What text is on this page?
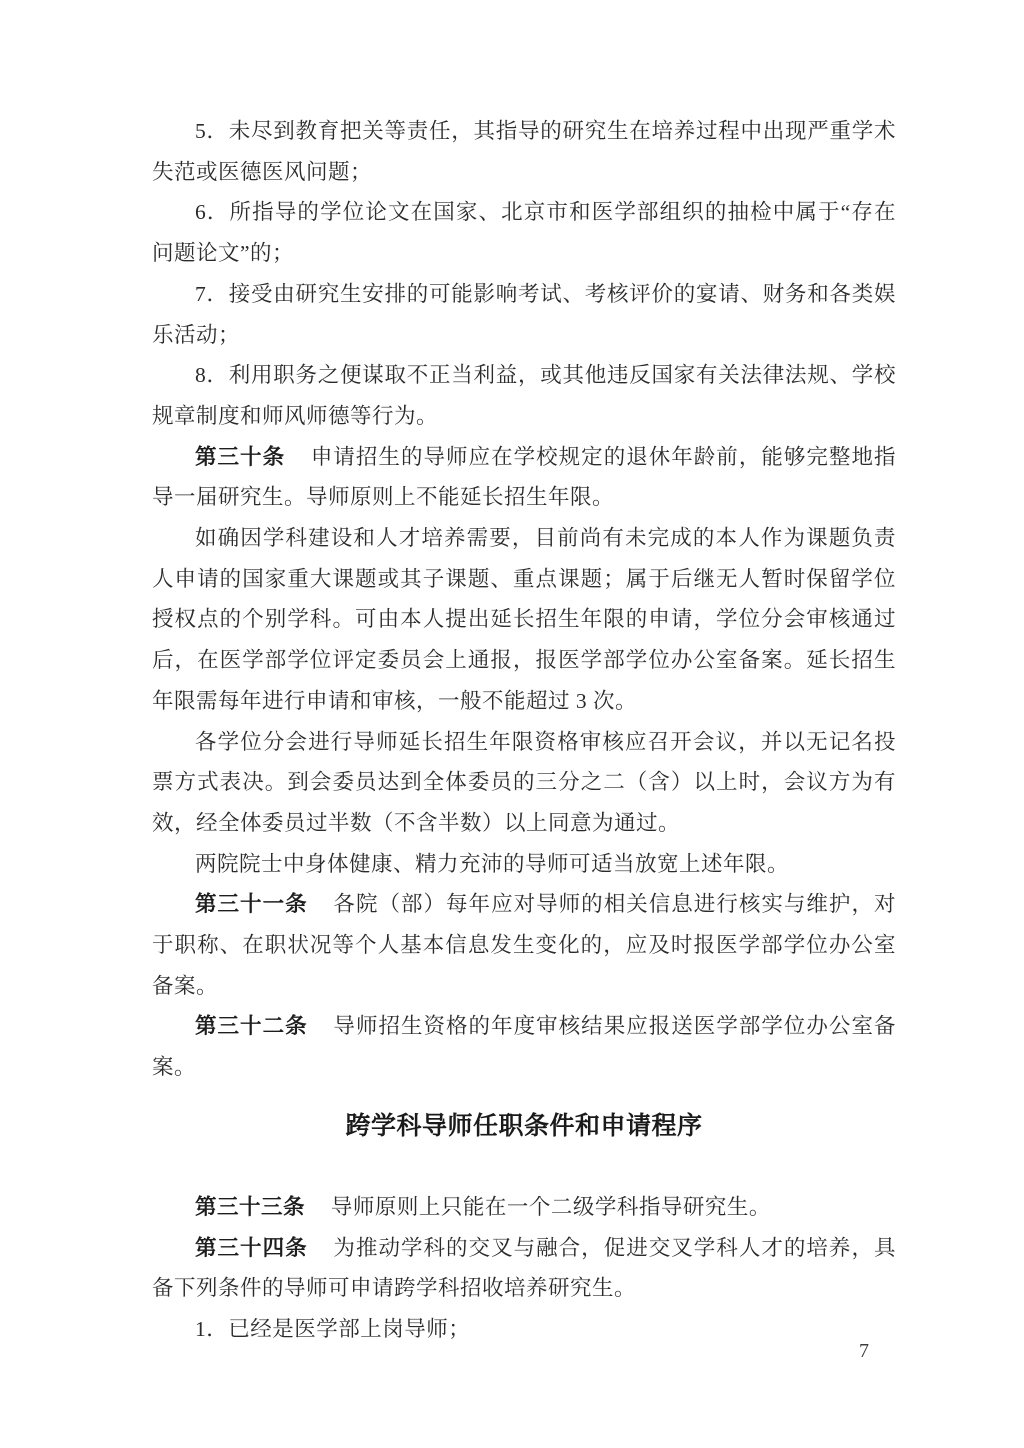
5．未尽到教育把关等责任，其指导的研究生在培养过程中出现严重学术失范或医德医风问题；

6．所指导的学位论文在国家、北京市和医学部组织的抽检中属于“存在问题论文”的；

7．接受由研究生安排的可能影响考试、考核评价的宴请、财务和各类娱乐活动；

8．利用职务之便谋取不正当利益，或其他违反国家有关法律法规、学校规章制度和师风师德等行为。

第三十条 申请招生的导师应在学校规定的退休年龄前，能够完整地指导一届研究生。导师原则上不能延长招生年限。

如确因学科建设和人才培养需要，目前尚有未完成的本人作为课题负责人申请的国家重大课题或其子课题、重点课题；属于后继无人暂时保留学位授权点的个别学科。可由本人提出延长招生年限的申请，学位分会审核通过后，在医学部学位评定委员会上通报，报医学部学位办公室备案。延长招生年限需每年进行申请和审核，一般不能超过 3 次。

各学位分会进行导师延长招生年限资格审核应召开会议，并以无记名投票方式表决。到会委员达到全体委员的三分之二（含）以上时，会议方为有效，经全体委员过半数（不含半数）以上同意为通过。

两院院士中身体健康、精力充沛的导师可适当放宽上述年限。

第三十一条 各院（部）每年应对导师的相关信息进行核实与维护，对于职称、在职状况等个人基本信息发生变化的，应及时报医学部学位办公室备案。

第三十二条 导师招生资格的年度审核结果应报送医学部学位办公室备案。

跨学科导师任职条件和申请程序

第三十三条 导师原则上只能在一个二级学科指导研究生。

第三十四条 为推动学科的交叉与融合，促进交叉学科人才的培养，具备下列条件的导师可申请跨学科招收培养研究生。

1．已经是医学部上岗导师；

7
